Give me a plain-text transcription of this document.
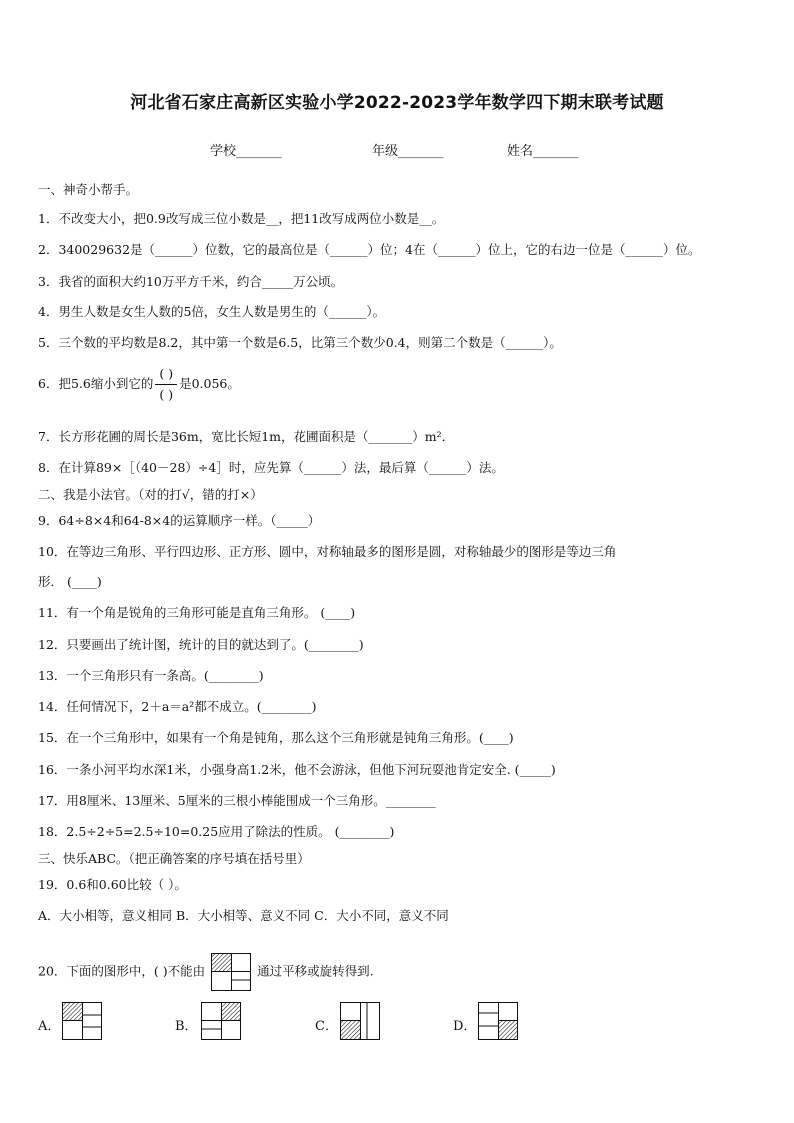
河北省石家庄高新区实验小学2022-2023学年数学四下期末联考试题
学校_______	年级_______	姓名_______
一、神奇小帮手。
1．不改变大小，把0.9改写成三位小数是__，把11改写成两位小数是__。
2．340029632是（______）位数，它的最高位是（______）位；4在（______）位上，它的右边一位是（______）位。
3．我省的面积大约10万平方千米，约合_____万公顷。
4．男生人数是女生人数的5倍，女生人数是男生的（______）。
5．三个数的平均数是8.2，其中第一个数是6.5，比第三个数少0.4，则第二个数是（______）。
6．把5.6缩小到它的 $\frac{( )}{( )}$ 是0.056。
7．长方形花圃的周长是36m，宽比长短1m，花圃面积是（_______）m²．
8．在计算89×［（40－28）÷4］时，应先算（______）法，最后算（______）法。
二、我是小法官。（对的打√，错的打×）
9．64÷8×4和64-8×4的运算顺序一样。（_____）
10．在等边三角形、平行四边形、正方形、圆中，对称轴最多的图形是圆，对称轴最少的图形是等边三角
形． (____)
11．有一个角是锐角的三角形可能是直角三角形。 (____)
12．只要画出了统计图，统计的目的就达到了。(________)
13．一个三角形只有一条高。(________)
14．任何情况下，2＋a＝a²都不成立。(________)
15．在一个三角形中，如果有一个角是钝角，那么这个三角形就是钝角三角形。(____)
16．一条小河平均水深1米，小强身高1.2米，他不会游泳，但他下河玩耍池肯定安全. (_____)
17．用8厘米、13厘米、5厘米的三根小棒能围成一个三角形。________
18．2.5÷2÷5=2.5÷10=0.25应用了除法的性质。 (________)
三、快乐ABC。（把正确答案的序号填在括号里）
19．0.6和0.60比较（ ）。
A．大小相等，意义相同 B．大小相等、意义不同 C．大小不同，意义不同
20．下面的图形中，( )不能由	通过平移或旋转得到.
A．	B．	C．	D．
